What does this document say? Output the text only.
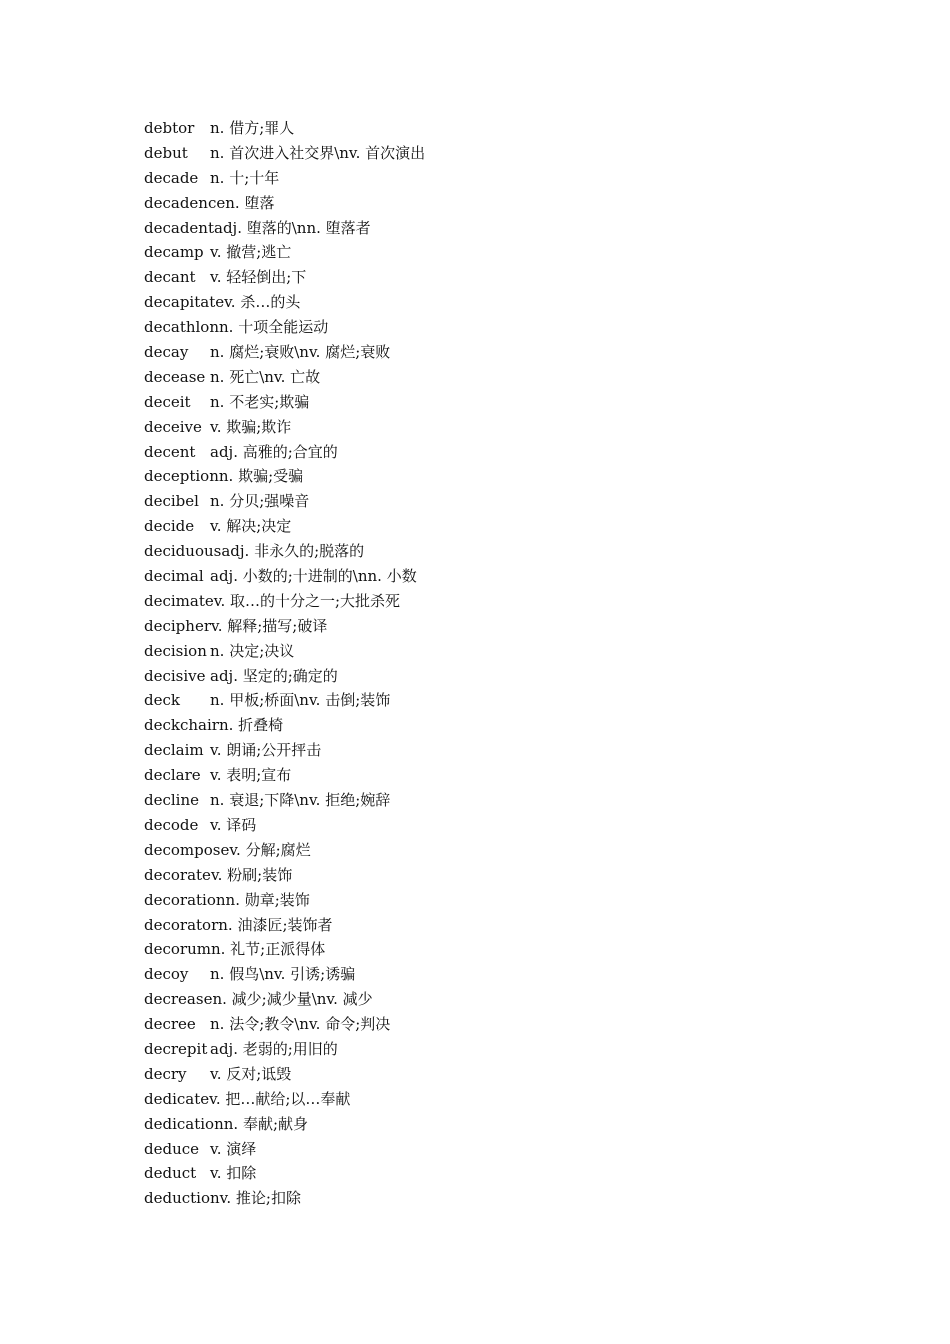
debtor n. 借方;罪人
debut n. 首次进入社交界\nv. 首次演出
decade n. 十;十年
decadencen. 堕落
decadentadj. 堕落的\nn. 堕落者
decamp v. 撤营;逃亡
decant v. 轻轻倒出;下
decapitatev. 杀…的头
decathlonn. 十项全能运动
decay n. 腐烂;衰败\nv. 腐烂;衰败
decease n. 死亡\nv. 亡故
deceit n. 不老实;欺骗
deceive v. 欺骗;欺诈
decent adj. 高雅的;合宜的
deceptionn. 欺骗;受骗
decibel n. 分贝;强噪音
decide v. 解决;决定
deciduousadj. 非永久的;脱落的
decimal adj. 小数的;十进制的\nn. 小数
decimatev. 取…的十分之一;大批杀死
decipherv. 解释;描写;破译
decision n. 决定;决议
decisive adj. 坚定的;确定的
deck n. 甲板;桥面\nv. 击倒;装饰
deckchairn. 折叠椅
declaim v. 朗诵;公开抨击
declare v. 表明;宣布
decline n. 衰退;下降\nv. 拒绝;婉辞
decode v. 译码
decomposev. 分解;腐烂
decoratev. 粉刷;装饰
decorationn. 勋章;装饰
decoratorn. 油漆匠;装饰者
decorumn. 礼节;正派得体
decoy n. 假鸟\nv. 引诱;诱骗
decreasen. 减少;减少量\nv. 减少
decree n. 法令;教令\nv. 命令;判决
decrepit adj. 老弱的;用旧的
decry v. 反对;诋毁
dedicatev. 把…献给;以…奉献
dedicationn. 奉献;献身
deduce v. 演绎
deduct v. 扣除
deductionv. 推论;扣除
